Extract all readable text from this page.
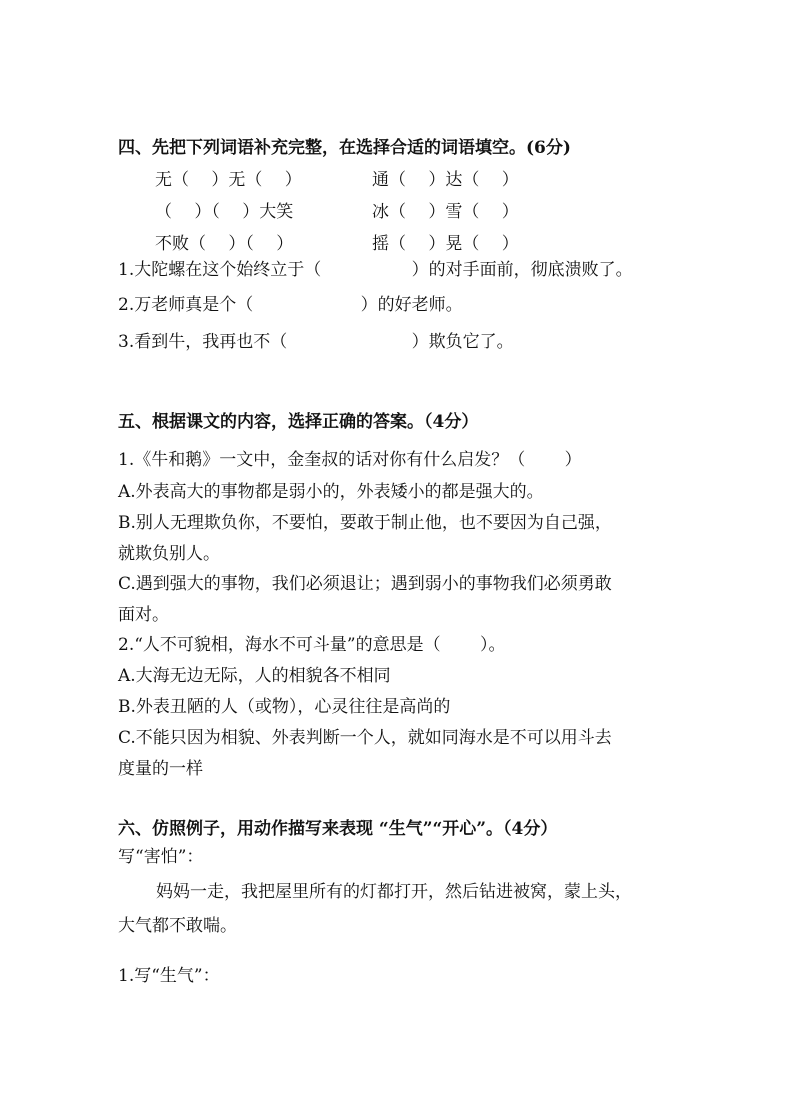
四、先把下列词语补充完整，在选择合适的词语填空。(6分)
无（　 ）无（　 ）	通（　 ）达（　 ）
（　 ）（　 ）大笑	冰（　 ）雪（　 ）
不败（　 ）（　 ）	摇（　 ）晃（　 ）
1.大陀螺在这个始终立于（　　　　　 ）的对手面前，彻底溃败了。
2.万老师真是个（　　　　　　 ）的好老师。
3.看到牛，我再也不（　　　　　　　 ）欺负它了。
五、根据课文的内容，选择正确的答案。（4分）
1.《牛和鹅》一文中，金奎叔的话对你有什么启发？（　　 ）
A.外表高大的事物都是弱小的，外表矮小的都是强大的。
B.别人无理欺负你，不要怕，要敢于制止他，也不要因为自己强，
就欺负别人。
C.遇到强大的事物，我们必须退让；遇到弱小的事物我们必须勇敢
面对。
2.“人不可貌相，海水不可斗量”的意思是（　　 ）。
A.大海无边无际，人的相貌各不相同
B.外表丑陋的人（或物），心灵往往是高尚的
C.不能只因为相貌、外表判断一个人，就如同海水是不可以用斗去
度量的一样
六、仿照例子，用动作描写来表现 “生气”“开心”。（4分）
写“害怕”：
妈妈一走，我把屋里所有的灯都打开，然后钻进被窝，蒙上头，
大气都不敢喘。
1.写“生气”：
